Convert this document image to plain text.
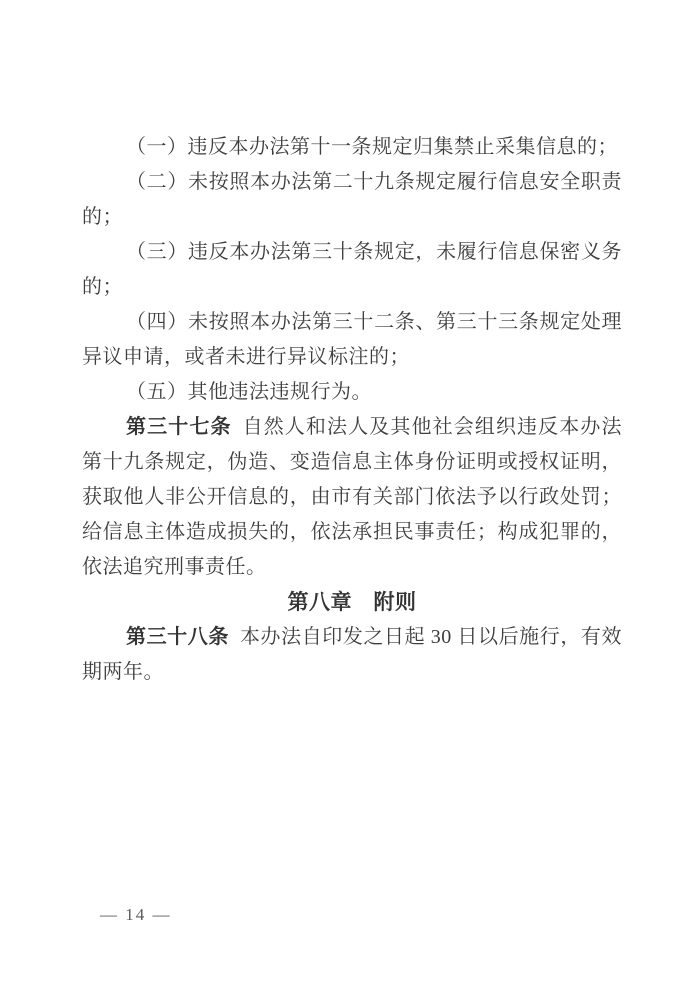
（一）违反本办法第十一条规定归集禁止采集信息的；

（二）未按照本办法第二十九条规定履行信息安全职责的；

（三）违反本办法第三十条规定，未履行信息保密义务的；

（四）未按照本办法第三十二条、第三十三条规定处理异议申请，或者未进行异议标注的；

（五）其他违法违规行为。

第三十七条 自然人和法人及其他社会组织违反本办法第十九条规定，伪造、变造信息主体身份证明或授权证明，获取他人非公开信息的，由市有关部门依法予以行政处罚；给信息主体造成损失的，依法承担民事责任；构成犯罪的，依法追究刑事责任。

第八章　附则

第三十八条 本办法自印发之日起 30 日以后施行，有效期两年。

— 14 —
